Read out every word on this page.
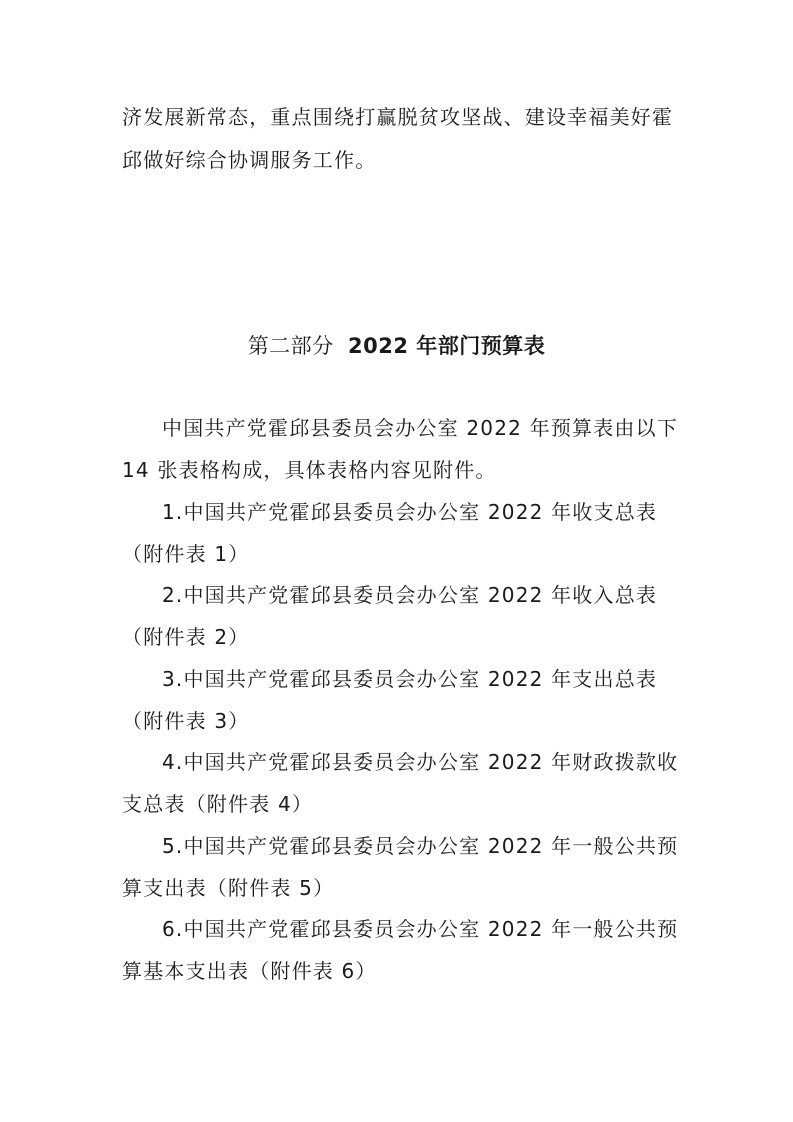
济发展新常态，重点围绕打赢脱贫攻坚战、建设幸福美好霍
邱做好综合协调服务工作。
第二部分 2022 年部门预算表
中国共产党霍邱县委员会办公室 2022 年预算表由以下
14 张表格构成，具体表格内容见附件。
1.中国共产党霍邱县委员会办公室 2022 年收支总表
（附件表 1）
2.中国共产党霍邱县委员会办公室 2022 年收入总表
（附件表 2）
3.中国共产党霍邱县委员会办公室 2022 年支出总表
（附件表 3）
4.中国共产党霍邱县委员会办公室 2022 年财政拨款收
支总表（附件表 4）
5.中国共产党霍邱县委员会办公室 2022 年一般公共预
算支出表（附件表 5）
6.中国共产党霍邱县委员会办公室 2022 年一般公共预
算基本支出表（附件表 6）
